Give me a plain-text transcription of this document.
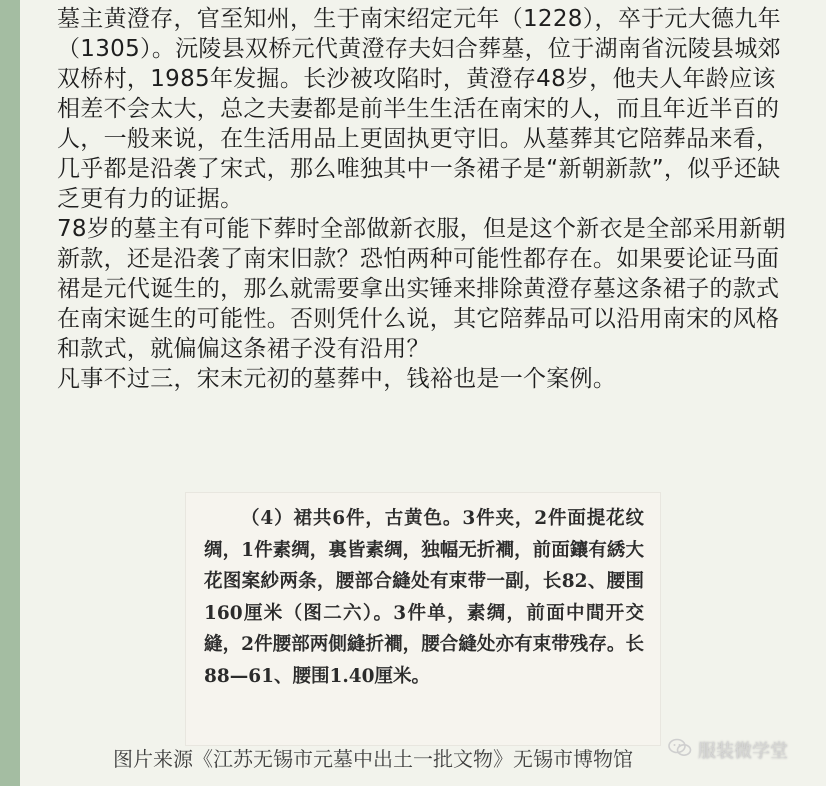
墓主黄澄存，官至知州，生于南宋绍定元年（1228），卒于元大德九年（1305）。沅陵县双桥元代黄澄存夫妇合葬墓，位于湖南省沅陵县城郊双桥村，1985年发掘。长沙被攻陷时，黄澄存48岁，他夫人年龄应该相差不会太大，总之夫妻都是前半生生活在南宋的人，而且年近半百的人，一般来说，在生活用品上更固执更守旧。从墓葬其它陪葬品来看，几乎都是沿袭了宋式，那么唯独其中一条裙子是“新朝新款”，似乎还缺乏更有力的证据。

78岁的墓主有可能下葬时全部做新衣服，但是这个新衣是全部采用新朝新款，还是沿袭了南宋旧款？恐怕两种可能性都存在。如果要论证马面裙是元代诞生的，那么就需要拿出实锤来排除黄澄存墓这条裙子的款式在南宋诞生的可能性。否则凭什么说，其它陪葬品可以沿用南宋的风格和款式，就偏偏这条裙子没有沿用？

凡事不过三，宋末元初的墓葬中，钱裕也是一个案例。

（4）裙共6件，古黄色。3件夹，2件面提花纹绸，1件素绸，裏皆素绸，独幅无折襇，前面鑲有綉大花图案紗两条，腰部合縫处有束带一副，长82、腰围160厘米（图二六）。3件单，素绸，前面中間开交縫，2件腰部两側縫折襇，腰合縫处亦有束带残存。长88—61、腰围1.40厘米。

图片来源《江苏无锡市元墓中出土一批文物》无锡市博物馆	服装微学堂
